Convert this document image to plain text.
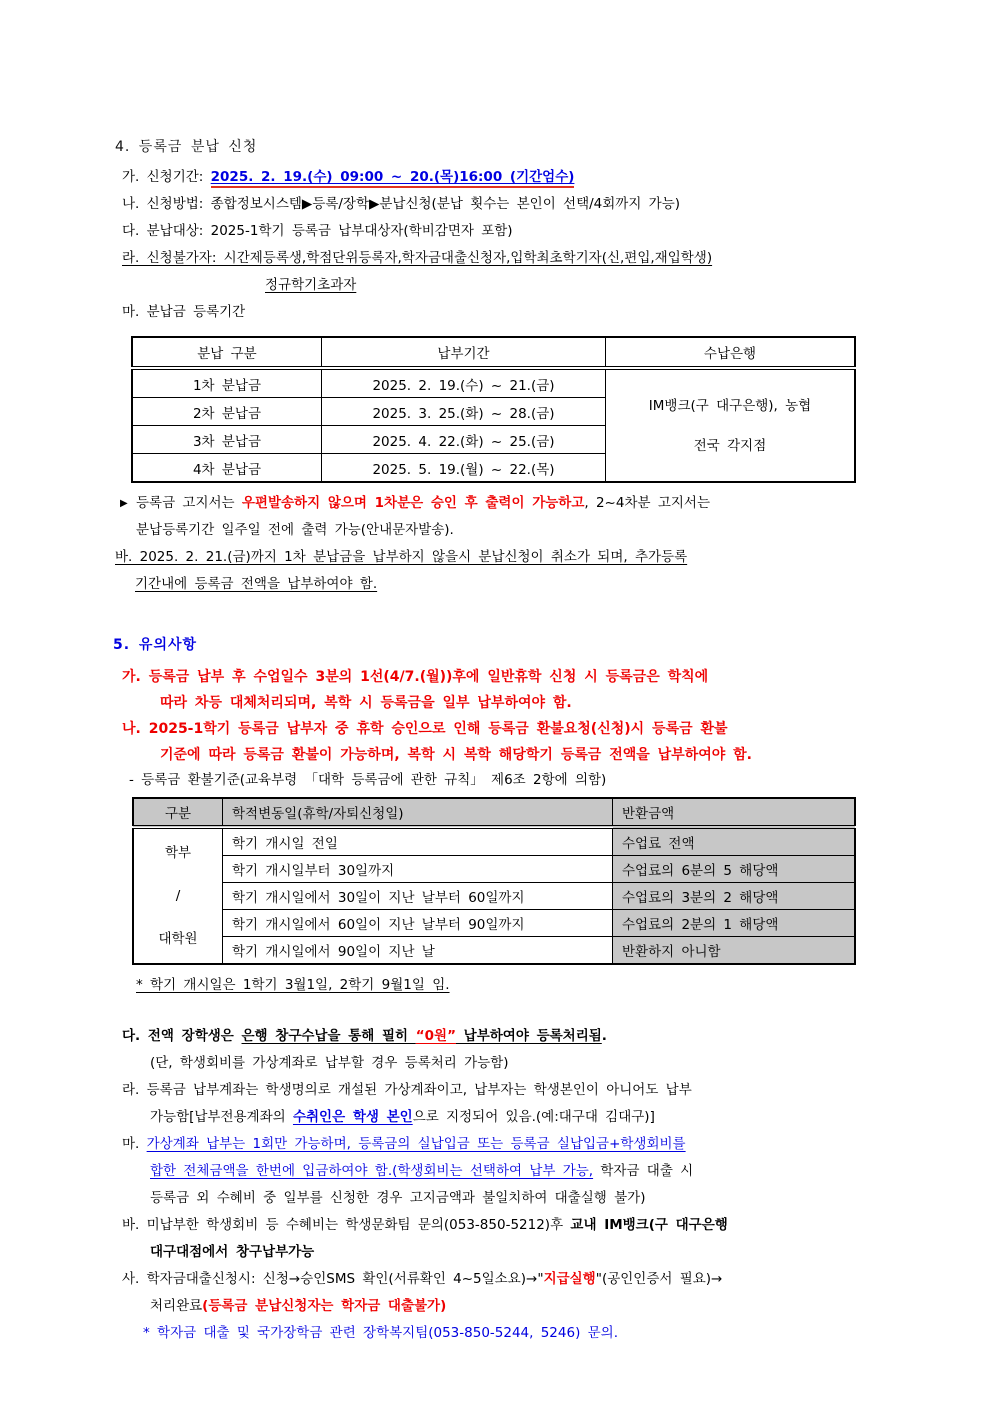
4. 등록금 분납 신청
가. 신청기간: 2025. 2. 19.(수) 09:00 ~ 20.(목)16:00 (기간엄수)
나. 신청방법: 종합정보시스템▶등록/장학▶분납신청(분납 횟수는 본인이 선택/4회까지 가능)
다. 분납대상: 2025-1학기 등록금 납부대상자(학비감면자 포함)
라. 신청불가자: 시간제등록생,학점단위등록자,학자금대출신청자,입학최초학기자(신,편입,재입학생)
정규학기초과자
마. 분납금 등록기간
분납 구분	납부기간	수납은행
1차 분납금	2025. 2. 19.(수) ~ 21.(금)	IM뱅크(구 대구은행), 농협
전국 각지점

2차 분납금	2025. 3. 25.(화) ~ 28.(금)	
3차 분납금	2025. 4. 22.(화) ~ 25.(금)	
4차 분납금	2025. 5. 19.(월) ~ 22.(목)	
▶ 등록금 고지서는 우편발송하지 않으며 1차분은 승인 후 출력이 가능하고, 2~4차분 고지서는
분납등록기간 일주일 전에 출력 가능(안내문자발송).
바. 2025. 2. 21.(금)까지 1차 분납금을 납부하지 않을시 분납신청이 취소가 되며, 추가등록
기간내에 등록금 전액을 납부하여야 함.
5. 유의사항
가. 등록금 납부 후 수업일수 3분의 1선(4/7.(월))후에 일반휴학 신청 시 등록금은 학칙에
따라 차등 대체처리되며, 복학 시 등록금을 일부 납부하여야 함.
나. 2025-1학기 등록금 납부자 중 휴학 승인으로 인해 등록금 환불요청(신청)시 등록금 환불
기준에 따라 등록금 환불이 가능하며, 복학 시 복학 해당학기 등록금 전액을 납부하여야 함.
- 등록금 환불기준(교육부령 「대학 등록금에 관한 규칙」 제6조 2항에 의함)
구분	학적변동일(휴학/자퇴신청일)	반환금액

학부
/
대학원	학기 개시일 전일	수업료 전액
	학기 개시일부터 30일까지	수업료의 6분의 5 해당액
	학기 개시일에서 30일이 지난 날부터 60일까지	수업료의 3분의 2 해당액
	학기 개시일에서 60일이 지난 날부터 90일까지	수업료의 2분의 1 해당액
	학기 개시일에서 90일이 지난 날	반환하지 아니함
* 학기 개시일은 1학기 3월1일, 2학기 9월1일 임.
다. 전액 장학생은 은행 창구수납을 통해 필히 “0원” 납부하여야 등록처리됨.
(단, 학생회비를 가상계좌로 납부할 경우 등록처리 가능함)
라. 등록금 납부계좌는 학생명의로 개설된 가상계좌이고, 납부자는 학생본인이 아니어도 납부
가능함[납부전용계좌의 수취인은 학생 본인으로 지정되어 있음.(예:대구대 김대구)]
마. 가상계좌 납부는 1회만 가능하며, 등록금의 실납입금 또는 등록금 실납입금+학생회비를
합한 전체금액을 한번에 입금하여야 함.(학생회비는 선택하여 납부 가능, 학자금 대출 시
등록금 외 수혜비 중 일부를 신청한 경우 고지금액과 불일치하여 대출실행 불가)
바. 미납부한 학생회비 등 수혜비는 학생문화팀 문의(053-850-5212)후 교내 IM뱅크(구 대구은행
대구대점에서 창구납부가능
사. 학자금대출신청시: 신청→승인SMS 확인(서류확인 4~5일소요)→"지급실행"(공인인증서 필요)→
처리완료(등록금 분납신청자는 학자금 대출불가)
* 학자금 대출 및 국가장학금 관련 장학복지팀(053-850-5244, 5246) 문의.
